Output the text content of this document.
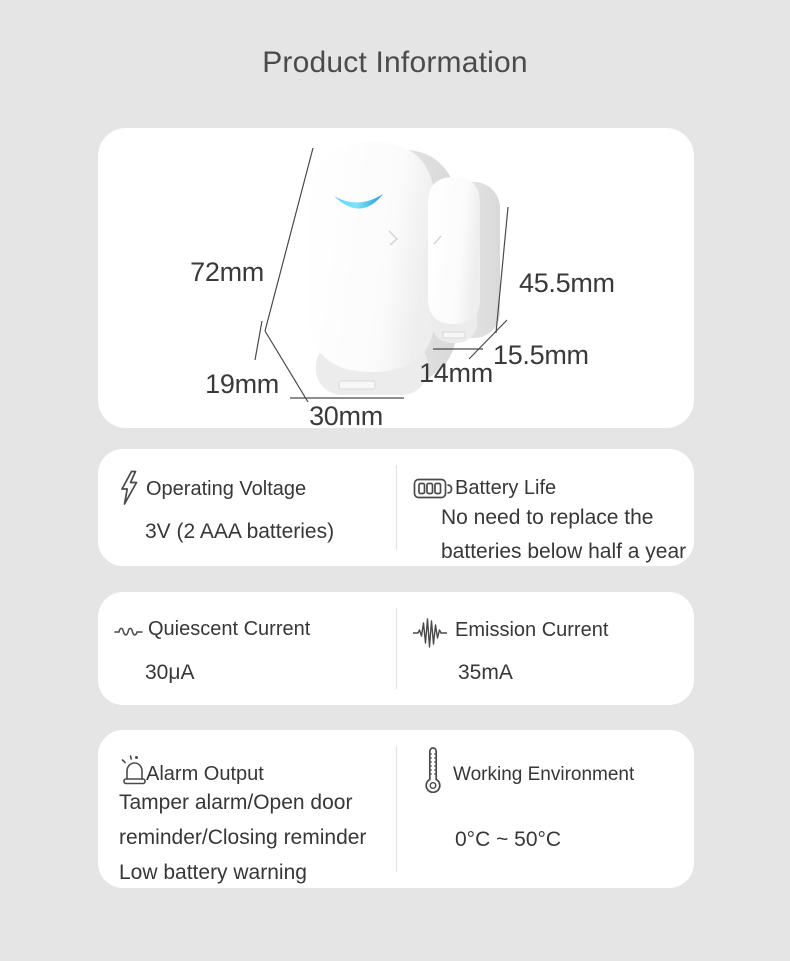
Product Information
72mm
19mm
30mm
14mm
15.5mm
45.5mm
Operating Voltage
3V (2 AAA batteries)
Battery Life
No need to replace the
batteries below half a year
Quiescent Current
30μA
Emission Current
35mA
Alarm Output
Tamper alarm/Open door
reminder/Closing reminder
Low battery warning
Working Environment
0°C ~ 50°C
